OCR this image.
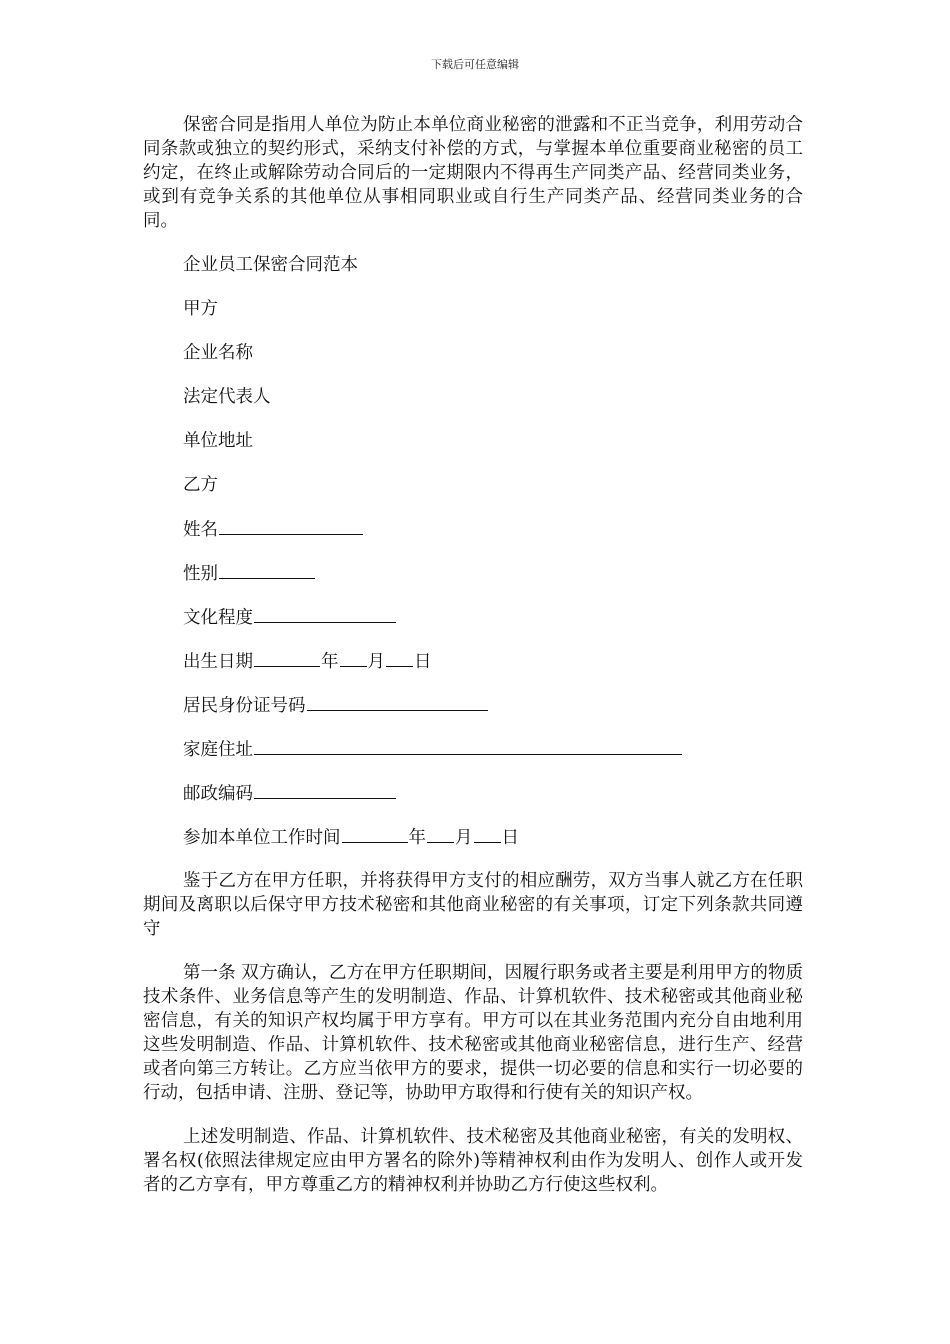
下载后可任意编辑

保密合同是指用人单位为防止本单位商业秘密的泄露和不正当竞争，利用劳动合同条款或独立的契约形式，采纳支付补偿的方式，与掌握本单位重要商业秘密的员工约定，在终止或解除劳动合同后的一定期限内不得再生产同类产品、经营同类业务，或到有竞争关系的其他单位从事相同职业或自行生产同类产品、经营同类业务的合同。

企业员工保密合同范本

甲方

企业名称

法定代表人

单位地址

乙方

姓名

性别

文化程度

出生日期	年 月 日

居民身份证号码

家庭住址

邮政编码

参加本单位工作时间	年 月 日

鉴于乙方在甲方任职，并将获得甲方支付的相应酬劳，双方当事人就乙方在任职期间及离职以后保守甲方技术秘密和其他商业秘密的有关事项，订定下列条款共同遵守

第一条 双方确认，乙方在甲方任职期间，因履行职务或者主要是利用甲方的物质技术条件、业务信息等产生的发明制造、作品、计算机软件、技术秘密或其他商业秘密信息，有关的知识产权均属于甲方享有。甲方可以在其业务范围内充分自由地利用这些发明制造、作品、计算机软件、技术秘密或其他商业秘密信息，进行生产、经营或者向第三方转让。乙方应当依甲方的要求，提供一切必要的信息和实行一切必要的行动，包括申请、注册、登记等，协助甲方取得和行使有关的知识产权。

上述发明制造、作品、计算机软件、技术秘密及其他商业秘密，有关的发明权、署名权(依照法律规定应由甲方署名的除外)等精神权利由作为发明人、创作人或开发者的乙方享有，甲方尊重乙方的精神权利并协助乙方行使这些权利。
